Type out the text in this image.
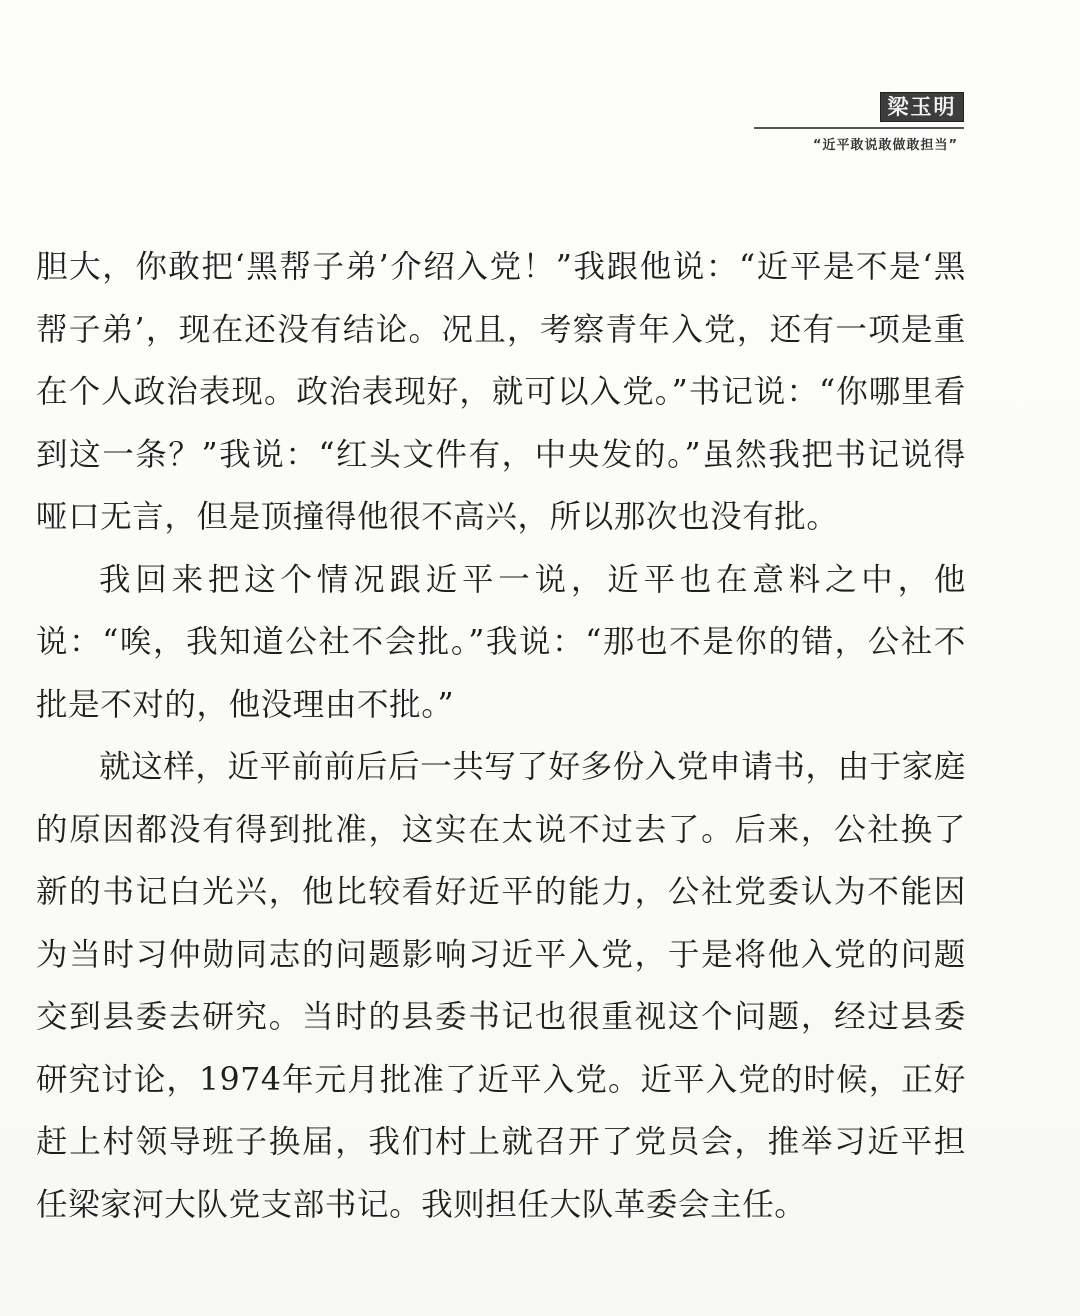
梁玉明
“近平敢说敢做敢担当”

胆大，你敢把‘黑帮子弟’介绍入党！”我跟他说：“近平是不是‘黑帮子弟’，现在还没有结论。况且，考察青年入党，还有一项是重在个人政治表现。政治表现好，就可以入党。”书记说：“你哪里看到这一条？”我说：“红头文件有，中央发的。”虽然我把书记说得哑口无言，但是顶撞得他很不高兴，所以那次也没有批。

我回来把这个情况跟近平一说，近平也在意料之中，他说：“唉，我知道公社不会批。”我说：“那也不是你的错，公社不批是不对的，他没理由不批。”

就这样，近平前前后后一共写了好多份入党申请书，由于家庭的原因都没有得到批准，这实在太说不过去了。后来，公社换了新的书记白光兴，他比较看好近平的能力，公社党委认为不能因为当时习仲勋同志的问题影响习近平入党，于是将他入党的问题交到县委去研究。当时的县委书记也很重视这个问题，经过县委研究讨论，1974年元月批准了近平入党。近平入党的时候，正好赶上村领导班子换届，我们村上就召开了党员会，推举习近平担任梁家河大队党支部书记。我则担任大队革委会主任。
